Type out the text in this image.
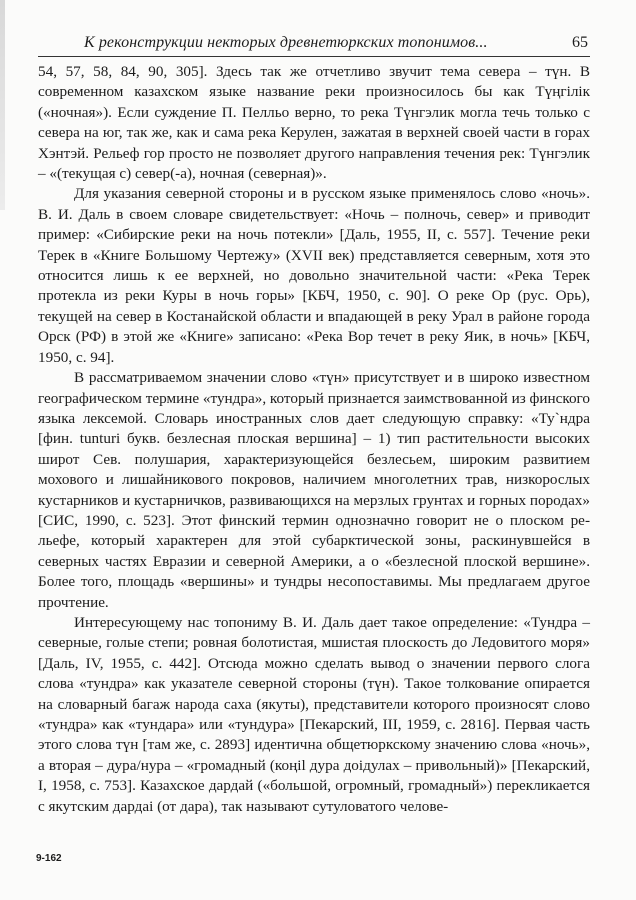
К реконструкции некторых древнетюркских топонимов...	65

54, 57, 58, 84, 90, 305]. Здесь так же отчетливо звучит тема севера – түн. В современном казахском языке название реки произносилось бы как Түңгілік («ночная»). Если суждение П. Пелльо верно, то река Түнгэлик могла течь только с севера на юг, так же, как и сама река Керулен, зажатая в верхней своей части в горах Хэнтэй. Рельеф гор просто не позволяет другого направления течения рек: Түнгэлик – «(текущая с) север(-а), ночная (северная)».

Для указания северной стороны и в русском языке применялось слово «ночь». В. И. Даль в своем словаре свидетельствует: «Ночь – полночь, север» и приводит пример: «Сибирские реки на ночь потекли» [Даль, 1955, II, с. 557]. Течение реки Терек в «Книге Большому Чертежу» (XVII век) представляется северным, хотя это относится лишь к ее верхней, но довольно значительной части: «Река Терек протекла из реки Куры в ночь горы» [КБЧ, 1950, с. 90]. О реке Ор (рус. Орь), текущей на север в Костанайской области и впадающей в реку Урал в районе города Орск (РФ) в этой же «Книге» записано: «Река Вор течет в реку Яик, в ночь» [КБЧ, 1950, с. 94].

В рассматриваемом значении слово «түн» присутствует и в широко известном географическом термине «тундра», который признается заимствованной из финского языка лексемой. Словарь иностранных слов дает следующую справку: «Ту`ндра [фин. tunturi букв. безлесная плоская вершина] – 1) тип растительности высоких широт Сев. полушария, характеризующейся безлесьем, широким развитием мохового и лишайникового покровов, наличием многолетних трав, низкорослых кустарников и кустарничков, развивающихся на мерзлых грунтах и горных породах» [СИС, 1990, с. 523]. Этот финский термин однозначно говорит не о плоском рельефе, который характерен для этой субарктической зоны, раскинувшейся в северных частях Евразии и северной Америки, а о «безлесной плоской вершине». Более того, площадь «вершины» и тундры несопоставимы. Мы предлагаем другое прочтение.

Интересующему нас топониму В. И. Даль дает такое определение: «Тундра – северные, голые степи; ровная болотистая, мшистая плоскость до Ледовитого моря» [Даль, IV, 1955, с. 442]. Отсюда можно сделать вывод о значении первого слога слова «тундра» как указателе северной стороны (түн). Такое толкование опирается на словарный багаж народа саха (якуты), представители которого произносят слово «тундра» как «тундара» или «тундура» [Пекарский, III, 1959, с. 2816]. Первая часть этого слова түн [там же, с. 2893] идентична общетюркскому значению слова «ночь», а вторая – дура/нура – «громадный (коңіl дура доідулах – привольный)» [Пекарский, I, 1958, с. 753]. Казахское дардай («большой, огромный, громадный») перекликается с якутским дардаі (от дара), так называют сутуловатого челове-

9-162
